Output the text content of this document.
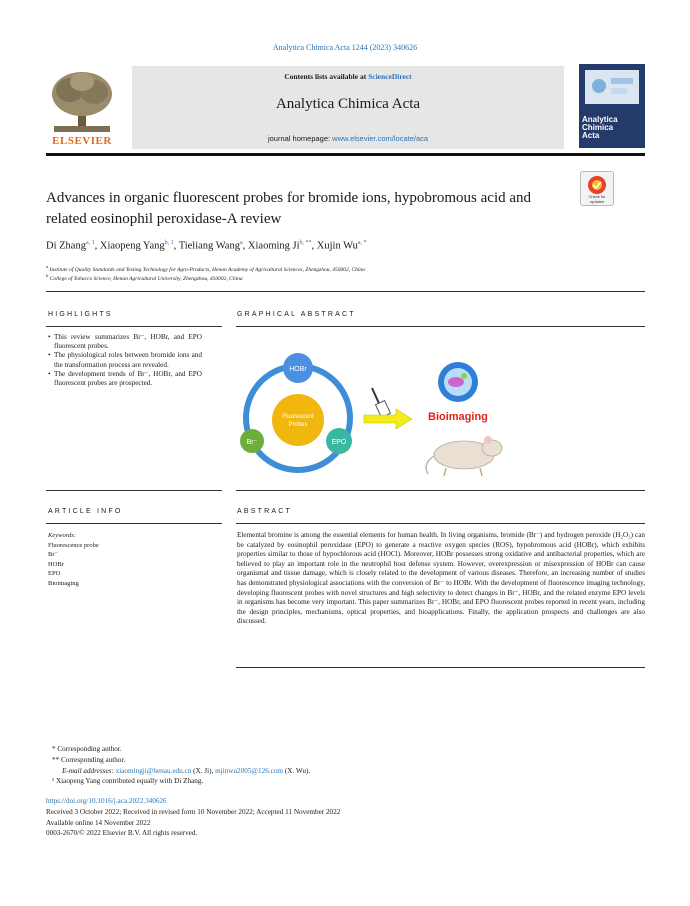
Analytica Chimica Acta 1244 (2023) 340626
ELSEVIER
Contents lists available at ScienceDirect
Analytica Chimica Acta
journal homepage: www.elsevier.com/locate/aca
Analytica
Chimica
Acta
Advances in organic fluorescent probes for bromide ions, hypobromous acid and related eosinophil peroxidase-A review
Check for updates
Di Zhang$^{a, 1}$, Xiaopeng Yang$^{b, 1}$, Tieliang Wang$^a$, Xiaoming $Ji^{b, **}$, Xujin $Wu^{a, *}$
$^a$ Institute of Quality Standards and Testing Technology for Agro-Products, Henan Academy of Agricultural Sciences, Zhengzhou, 450002, China
$^b$ College of Tobacco Science, Henan Agricultural University, Zhengzhou, 450002, China
HIGHLIGHTS	GRAPHICAL ABSTRACT
• This review summarizes Br⁻, HOBr, and EPO fluorescent probes.
• The physiological roles between bromide ions and the transformation process are revealed.
• The development trends of Br⁻, HOBr, and EPO fluorescent probes are prospected.
Fluorescent
Probes
HOBr
Br⁻	EPO
Bioimaging
ARTICLE INFO	ABSTRACT
Keywords:
Fluorescence probe
Br⁻
HOBr
EPO
Bioimaging
Elemental bromine is among the essential elements for human health. In living organisms, bromide (Br⁻) and hydrogen peroxide (H₂O₂) can be catalyzed by eosinophil peroxidase (EPO) to generate a reactive oxygen species (ROS), hypobromous acid (HOBr), which exhibits properties similar to those of hypochlorous acid (HOCl). Moreover, HOBr possesses strong oxidative and antibacterial properties, which are believed to play an important role in the neutrophil host defense system. However, overexpression or misexpression of HOBr can cause organismal and tissue damage, which is closely related to the development of various diseases. Therefore, an increasing number of studies has demonstrated physiological associations with the conversion of Br⁻ to HOBr. With the development of fluorescence imaging technology, developing fluorescent probes with novel structures and high selectivity to detect changes in Br⁻, HOBr, and the related enzyme EPO levels in organisms has become very important. This paper summarizes Br⁻, HOBr, and EPO fluorescent probes reported in recent years, including the design principles, mechanisms, optical properties, and bioapplications. Finally, the application prospects and challenges are also discussed.
* Corresponding author.
** Corresponding author.
E-mail addresses: xiaomingji@henau.edu.cn (X. Ji), mjinwu2005@126.com (X. Wu).
¹ Xiaopeng Yang contributed equally with Di Zhang.
https://doi.org/10.1016/j.aca.2022.340626
Received 3 October 2022; Received in revised form 10 November 2022; Accepted 11 November 2022
Available online 14 November 2022
0003-2670/© 2022 Elsevier B.V. All rights reserved.
